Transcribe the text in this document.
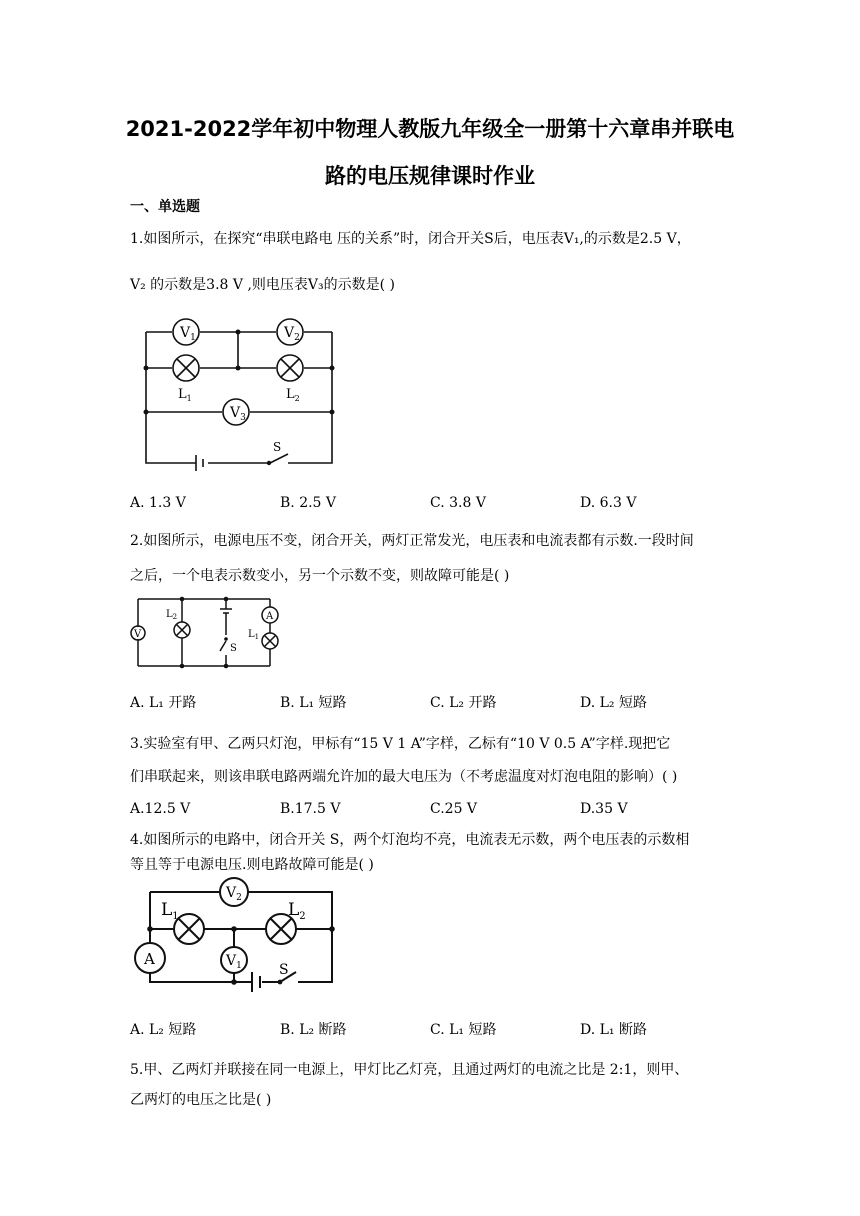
2021-2022学年初中物理人教版九年级全一册第十六章串并联电
路的电压规律课时作业
一、单选题
1.如图所示，在探究“串联电路电 压的关系”时，闭合开关S后，电压表V₁,的示数是2.5 V，
V₂ 的示数是3.8 V ,则电压表V₃的示数是( )
$V_1$	$V_2$
$V_3$
$L_1$	$L_2$
S
A. 1.3 V	B. 2.5 V	C. 3.8 V	D. 6.3 V
2.如图所示，电源电压不变，闭合开关，两灯正常发光，电压表和电流表都有示数.一段时间
之后，一个电表示数变小，另一个示数不变，则故障可能是( )
V
A
$L_2$
$L_1$
S
A. L₁ 开路	B. L₁ 短路	C. L₂ 开路	D. L₂ 短路
3.实验室有甲、乙两只灯泡，甲标有“15 V 1 A”字样，乙标有“10 V 0.5 A”字样.现把它
们串联起来，则该串联电路两端允许加的最大电压为（不考虑温度对灯泡电阻的影响）( )
A.12.5 V	B.17.5 V	C.25 V	D.35 V
4.如图所示的电路中，闭合开关 S，两个灯泡均不亮，电流表无示数，两个电压表的示数相
等且等于电源电压.则电路故障可能是( )
$V_2$
$V_1$
A
$L_1$	$L_2$
S
A. L₂ 短路	B. L₂ 断路	C. L₁ 短路	D. L₁ 断路
5.甲、乙两灯并联接在同一电源上，甲灯比乙灯亮，且通过两灯的电流之比是 2:1，则甲、
乙两灯的电压之比是( )
